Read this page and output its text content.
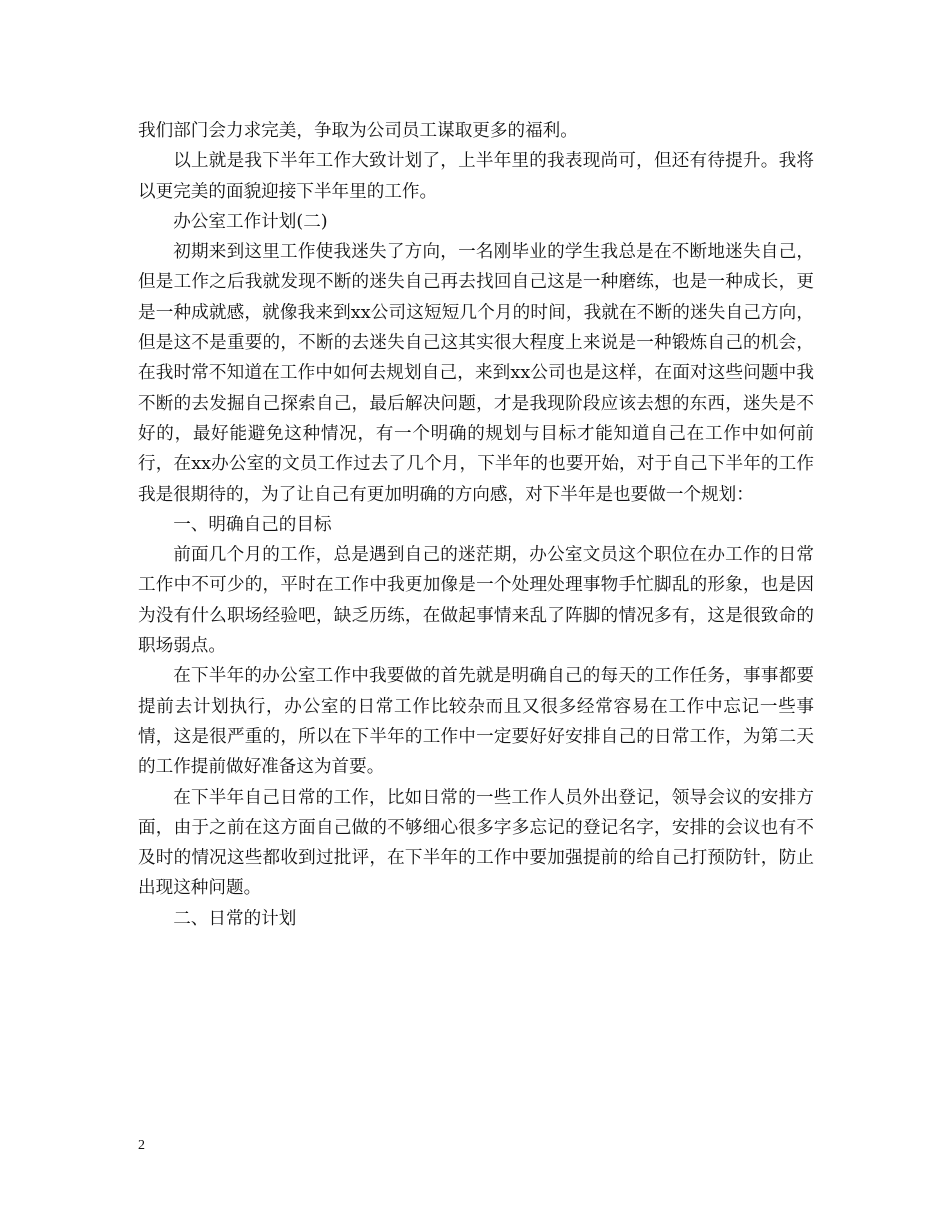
我们部门会力求完美，争取为公司员工谋取更多的福利。

以上就是我下半年工作大致计划了，上半年里的我表现尚可，但还有待提升。我将以更完美的面貌迎接下半年里的工作。

办公室工作计划(二)

初期来到这里工作使我迷失了方向，一名刚毕业的学生我总是在不断地迷失自己，但是工作之后我就发现不断的迷失自己再去找回自己这是一种磨练，也是一种成长，更是一种成就感，就像我来到xx公司这短短几个月的时间，我就在不断的迷失自己方向，但是这不是重要的，不断的去迷失自己这其实很大程度上来说是一种锻炼自己的机会，在我时常不知道在工作中如何去规划自己，来到xx公司也是这样，在面对这些问题中我不断的去发掘自己探索自己，最后解决问题，才是我现阶段应该去想的东西，迷失是不好的，最好能避免这种情况，有一个明确的规划与目标才能知道自己在工作中如何前行，在xx办公室的文员工作过去了几个月，下半年的也要开始，对于自己下半年的工作我是很期待的，为了让自己有更加明确的方向感，对下半年是也要做一个规划：

一、明确自己的目标

前面几个月的工作，总是遇到自己的迷茫期，办公室文员这个职位在办工作的日常工作中不可少的，平时在工作中我更加像是一个处理处理事物手忙脚乱的形象，也是因为没有什么职场经验吧，缺乏历练，在做起事情来乱了阵脚的情况多有，这是很致命的职场弱点。

在下半年的办公室工作中我要做的首先就是明确自己的每天的工作任务，事事都要提前去计划执行，办公室的日常工作比较杂而且又很多经常容易在工作中忘记一些事情，这是很严重的，所以在下半年的工作中一定要好好安排自己的日常工作，为第二天的工作提前做好准备这为首要。

在下半年自己日常的工作，比如日常的一些工作人员外出登记，领导会议的安排方面，由于之前在这方面自己做的不够细心很多字多忘记的登记名字，安排的会议也有不及时的情况这些都收到过批评，在下半年的工作中要加强提前的给自己打预防针，防止出现这种问题。

二、日常的计划

2
